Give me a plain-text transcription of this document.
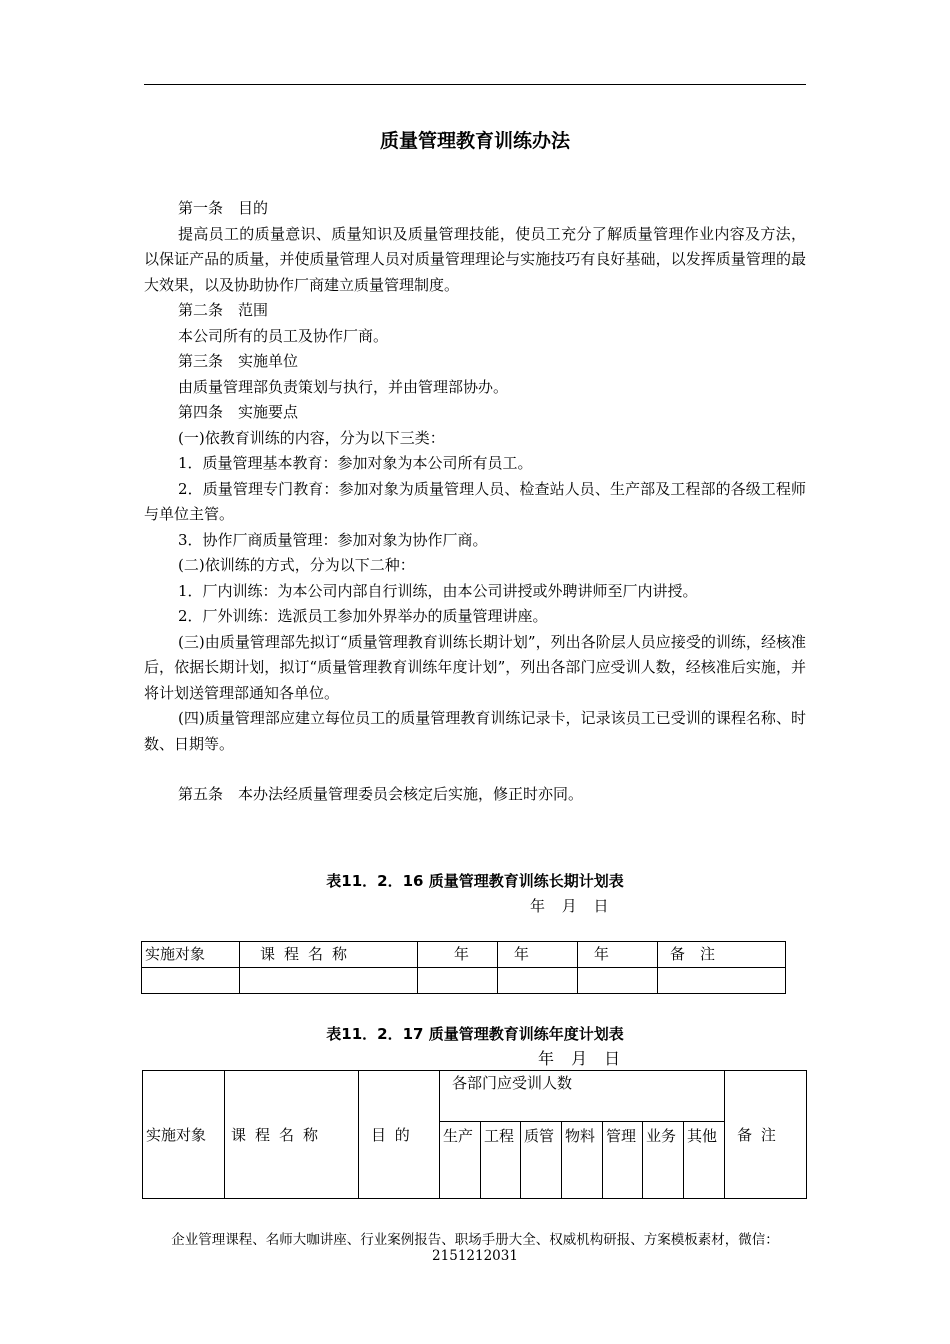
质量管理教育训练办法

第一条　目的

提高员工的质量意识、质量知识及质量管理技能，使员工充分了解质量管理作业内容及方法，以保证产品的质量，并使质量管理人员对质量管理理论与实施技巧有良好基础，以发挥质量管理的最大效果，以及协助协作厂商建立质量管理制度。

第二条　范围

本公司所有的员工及协作厂商。

第三条　实施单位

由质量管理部负责策划与执行，并由管理部协办。

第四条　实施要点

(一)依教育训练的内容，分为以下三类：

1．质量管理基本教育：参加对象为本公司所有员工。

2．质量管理专门教育：参加对象为质量管理人员、检查站人员、生产部及工程部的各级工程师与单位主管。

3．协作厂商质量管理：参加对象为协作厂商。

(二)依训练的方式，分为以下二种：

1．厂内训练：为本公司内部自行训练，由本公司讲授或外聘讲师至厂内讲授。

2．厂外训练：选派员工参加外界举办的质量管理讲座。

(三)由质量管理部先拟订“质量管理教育训练长期计划”，列出各阶层人员应接受的训练，经核准后，依据长期计划，拟订“质量管理教育训练年度计划”，列出各部门应受训人数，经核准后实施，并将计划送管理部通知各单位。

(四)质量管理部应建立每位员工的质量管理教育训练记录卡，记录该员工已受训的课程名称、时数、日期等。

第五条　本办法经质量管理委员会核定后实施，修正时亦同。

表11．2．16 质量管理教育训练长期计划表
年 月 日
实施对象	课程名称	年	年	年	备　注

表11．2．17 质量管理教育训练年度计划表
年 月 日
实施对象	课程名称	目 的	各部门应受训人数							备 注
			生产	工程	质管	物料	管理	业务	其他	
企业管理课程、名师大咖讲座、行业案例报告、职场手册大全、权威机构研报、方案模板素材，微信：
2151212031
